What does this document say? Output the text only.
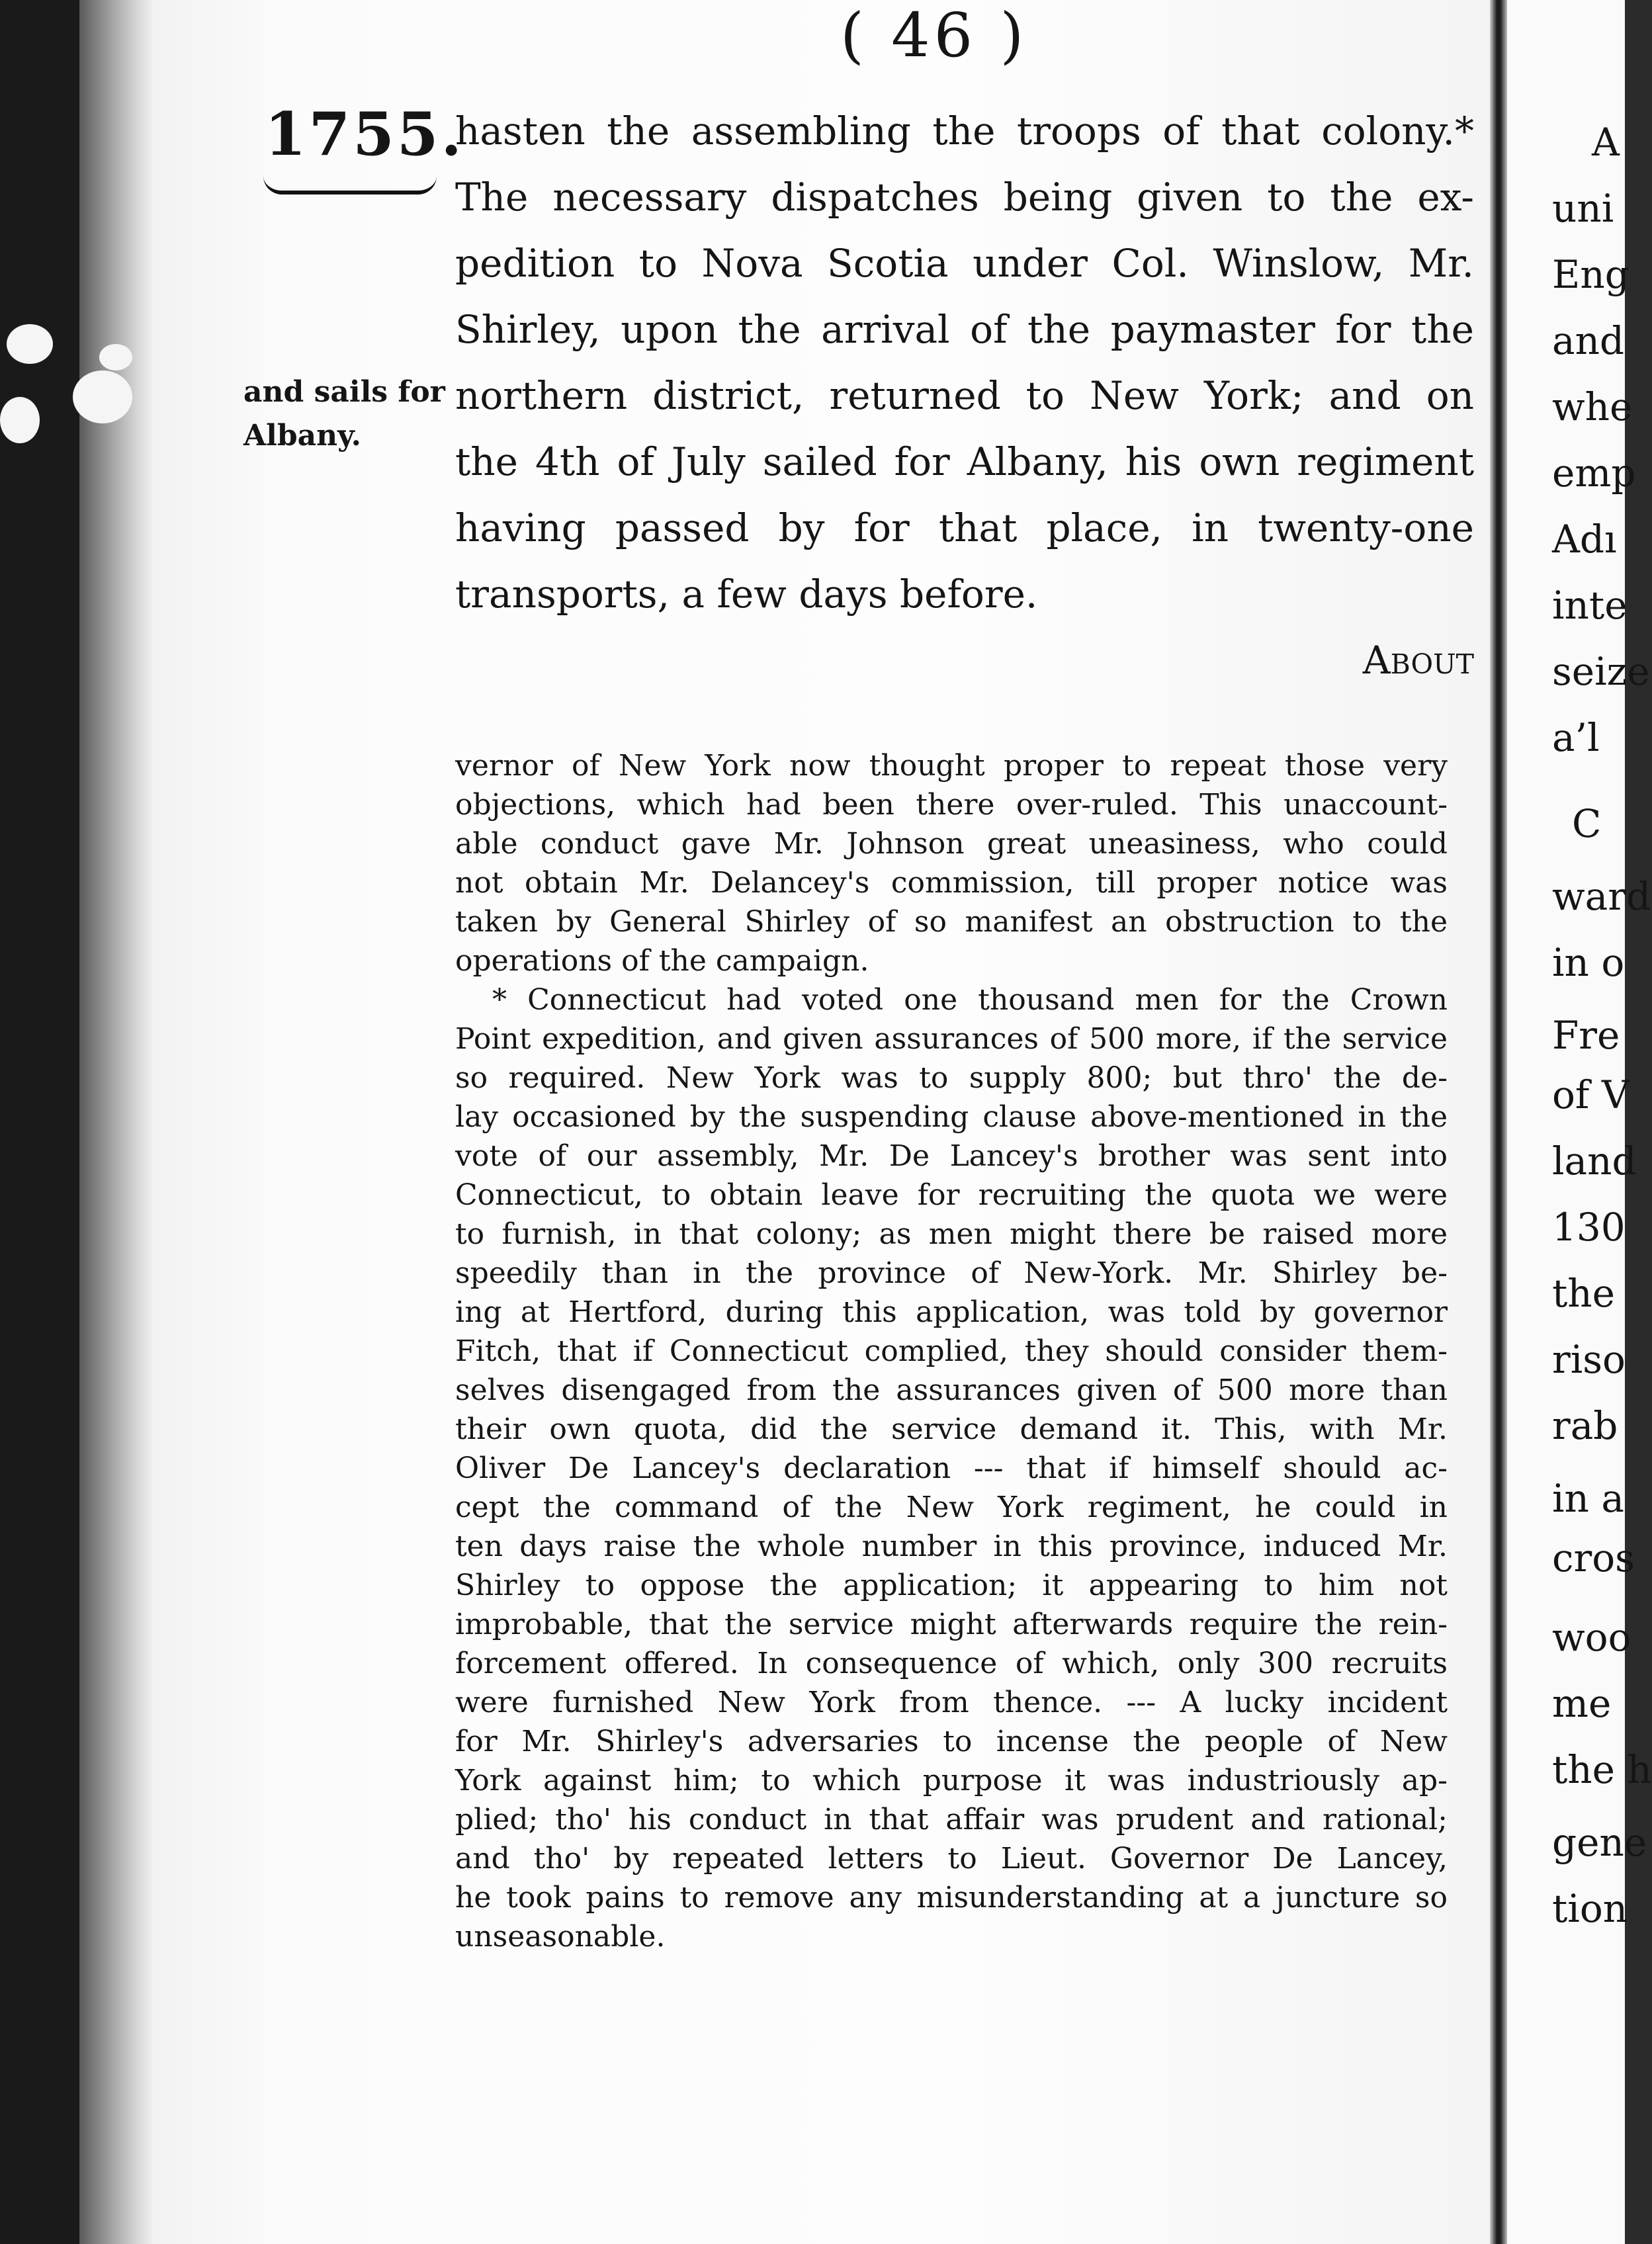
( 46 )
1755.
and sails for
Albany.
hasten the assembling the troops of that colony.*
The necessary dispatches being given to the ex-
pedition to Nova Scotia under Col. Winslow, Mr.
Shirley, upon the arrival of the paymaster for the
northern district, returned to New York; and on
the 4th of July sailed for Albany, his own regiment
having passed by for that place, in twenty-one
transports, a few days before.
About
vernor of New York now thought proper to repeat those very
objections, which had been there over-ruled. This unaccount-
able conduct gave Mr. Johnson great uneasiness, who could
not obtain Mr. Delancey's commission, till proper notice was
taken by General Shirley of so manifest an obstruction to the
operations of the campaign.
* Connecticut had voted one thousand men for the Crown
Point expedition, and given assurances of 500 more, if the service
so required. New York was to supply 800; but thro' the de-
lay occasioned by the suspending clause above-mentioned in the
vote of our assembly, Mr. De Lancey's brother was sent into
Connecticut, to obtain leave for recruiting the quota we were
to furnish, in that colony; as men might there be raised more
speedily than in the province of New-York. Mr. Shirley be-
ing at Hertford, during this application, was told by governor
Fitch, that if Connecticut complied, they should consider them-
selves disengaged from the assurances given of 500 more than
their own quota, did the service demand it. This, with Mr.
Oliver De Lancey's declaration --- that if himself should ac-
cept the command of the New York regiment, he could in
ten days raise the whole number in this province, induced Mr.
Shirley to oppose the application; it appearing to him not
improbable, that the service might afterwards require the rein-
forcement offered. In consequence of which, only 300 recruits
were furnished New York from thence. --- A lucky incident
for Mr. Shirley's adversaries to incense the people of New
York against him; to which purpose it was industriously ap-
plied; tho' his conduct in that affair was prudent and rational;
and tho' by repeated letters to Lieut. Governor De Lancey,
he took pains to remove any misunderstanding at a juncture so
unseasonable.
A
uni
Eng
and
whe
emp
Adı
inte
seize
a’l
C
ward
in o
Fre
of V
land
130
the
riso
rab
in a
cros
woo
me
the h
gene
tion
